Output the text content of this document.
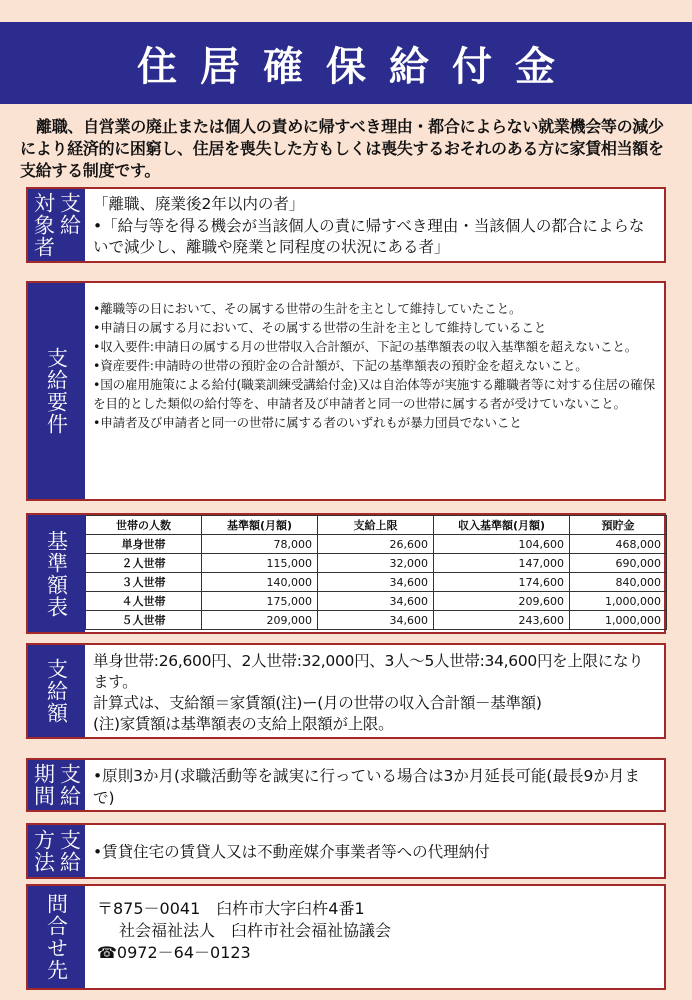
住居確保給付金
離職、自営業の廃止または個人の責めに帰すべき理由・都合によらない就業機会等の減少により経済的に困窮し、住居を喪失した方もしくは喪失するおそれのある方に家賃相当額を支給する制度です。
支給
対象者	「離職、廃業後2年以内の者」

•「給与等を得る機会が当該個人の責に帰すべき理由・当該個人の都合によらないで減少し、離職や廃業と同程度の状況にある者」

支給要件

•離職等の日において、その属する世帯の生計を主として維持していたこと。

•申請日の属する月において、その属する世帯の生計を主として維持していること

•収入要件:申請日の属する月の世帯収入合計額が、下記の基準額表の収入基準額を超えないこと。

•資産要件:申請時の世帯の預貯金の合計額が、下記の基準額表の預貯金を超えないこと。

•国の雇用施策による給付(職業訓練受講給付金)又は自治体等が実施する離職者等に対する住居の確保を目的とした類似の給付等を、申請者及び申請者と同一の世帯に属する者が受けていないこと。

•申請者及び申請者と同一の世帯に属する者のいずれもが暴力団員でないこと

基準額表
世帯の人数	基準額(月額)	支給上限	収入基準額(月額)	預貯金
単身世帯	78,000	26,600	104,600	468,000
２人世帯	115,000	32,000	147,000	690,000
３人世帯	140,000	34,600	174,600	840,000
４人世帯	175,000	34,600	209,600	1,000,000
５人世帯	209,000	34,600	243,600	1,000,000
支給額 単身世帯:26,600円、2人世帯:32,000円、3人～5人世帯:34,600円を上限になります。

計算式は、支給額＝家賃額(注)ー(月の世帯の収入合計額－基準額)

(注)家賃額は基準額表の支給上限額が上限。

支給
期間	•原則3か月(求職活動等を誠実に行っている場合は3か月延長可能(最長9か月まで)

支給
方法	•賃貸住宅の賃貸人又は不動産媒介事業者等への代理納付
問合せ先 〒875－0041　臼杵市大字臼杵4番1

社会福祉法人　臼杵市社会福祉協議会

☎0972－64－0123
